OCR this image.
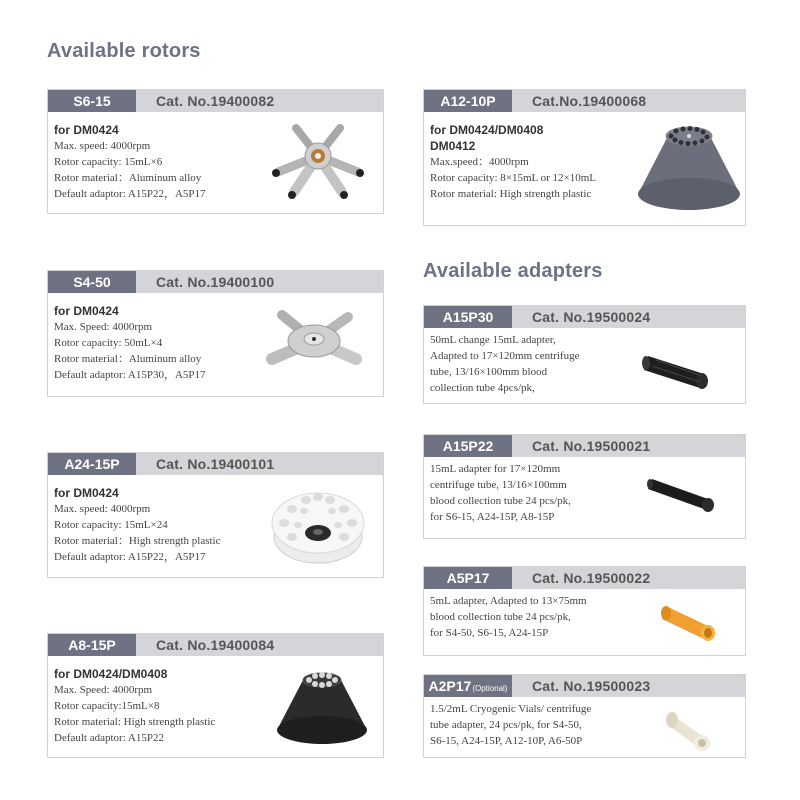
Available rotors
Available adapters
S6-15	Cat. No.19400082
for DM0424
Max. speed: 4000rpm
Rotor capacity: 15mL×6
Rotor material：Aluminum alloy
Default adaptor: A15P22，A5P17
S4-50	Cat. No.19400100
for DM0424
Max. Speed: 4000rpm
Rotor capacity: 50mL×4
Rotor material：Aluminum alloy
Default adaptor: A15P30，A5P17
A24-15P	Cat. No.19400101
for DM0424
Max. speed: 4000rpm
Rotor capacity: 15mL×24
Rotor material：High strength plastic
Default adaptor: A15P22，A5P17
A8-15P	Cat. No.19400084
for DM0424/DM0408
Max. Speed: 4000rpm
Rotor capacity:15mL×8
Rotor material: High strength plastic
Default adaptor: A15P22
A12-10P	Cat.No.19400068
for DM0424/DM0408
DM0412
Max.speed：4000rpm
Rotor capacity: 8×15mL or 12×10mL
Rotor material: High strength plastic
A15P30	Cat. No.19500024
50mL change 15mL adapter,
Adapted to 17×120mm centrifuge
tube, 13/16×100mm blood
collection tube 4pcs/pk,
A15P22	Cat. No.19500021
15mL adapter for 17×120mm
centrifuge tube, 13/16×100mm
blood collection tube 24 pcs/pk,
for S6-15, A24-15P, A8-15P
A5P17	Cat. No.19500022
5mL adapter, Adapted to 13×75mm
blood collection tube 24 pcs/pk,
for S4-50, S6-15, A24-15P
A2P17 (Optional)	Cat. No.19500023
1.5/2mL Cryogenic Vials/ centrifuge
tube adapter, 24 pcs/pk, for S4-50,
S6-15, A24-15P, A12-10P, A6-50P
